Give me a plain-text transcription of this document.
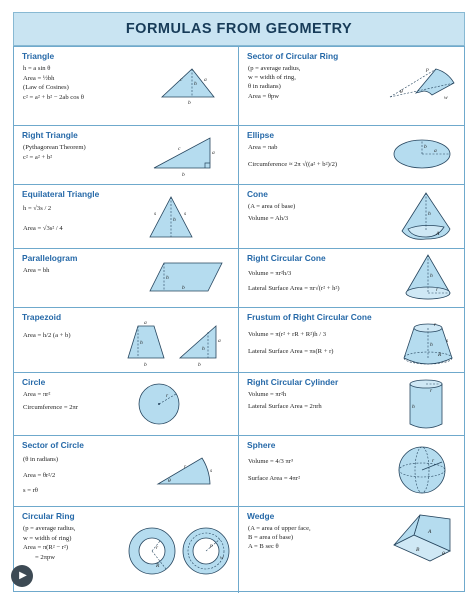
FORMULAS FROM GEOMETRY
Triangle
h = a sin θ
Area = ½bh
(Law of Cosines)
c² = a² + b² − 2ab cos θ
c
h
a
b
Sector of Circular Ring
(p = average radius,
w = width of ring,
θ in radians)
Area = θpw
p
w
θ
Right Triangle
(Pythagorean Theorem)
c² = a² + b²
c
a
b
Ellipse
Area = πab
Circumference ≈ 2π √((a² + b²)/2)
a
b
Equilateral Triangle
h = √3s / 2
Area = √3s² / 4
s	s
h
Cone
(A = area of base)
Volume = Ah/3
h
A
Parallelogram
Area = bh
h
b
Right Circular Cone
Volume = πr²h/3
Lateral Surface Area = πr√(r² + h²)
h
r
Trapezoid
Area = h/2 (a + b)
a
h
b
a
h
b
Frustum of Right Circular Cone
Volume = π(r² + rR + R²)h / 3
Lateral Surface Area = πs(R + r)
r
h
R
s
Circle
Area = πr²
Circumference = 2πr
r
Right Circular Cylinder
Volume = πr²h
Lateral Surface Area = 2πrh
r
h
Sector of Circle
(θ in radians)
Area = θr²/2
s = rθ
θ
r
s
Sphere
Volume = 4/3 πr³
Surface Area = 4πr²
r
Circular Ring
(p = average radius,
w = width of ring)
Area = π(R² − r²)
= 2πpw
r
R
p
w
Wedge
(A = area of upper face,
B = area of base)
A = B sec θ
A
B
θ
▶
